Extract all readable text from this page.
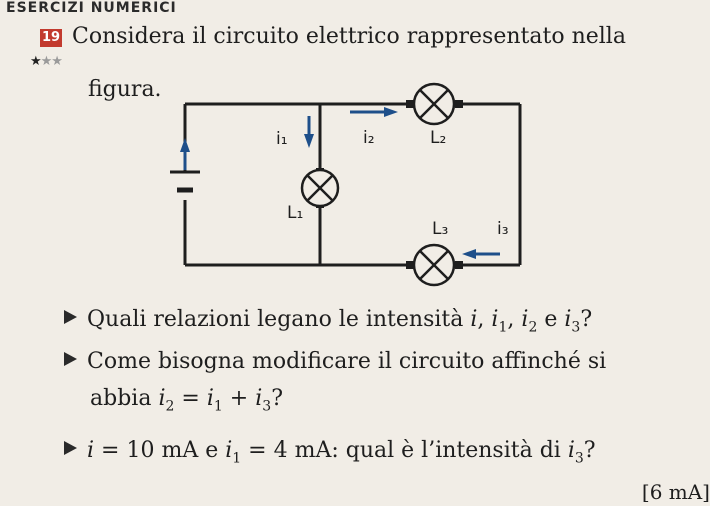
ESERCIZI NUMERICI
19
★★★
Considera il circuito elettrico rappresentato nella
figura.
i₁	i₂	L₂
L₁
L₃	i₃
Quali relazioni legano le intensità i, $i_1$, $i_2$ e $i_3$?
Come bisogna modificare il circuito affinché si
abbia $i_2 = i_1 + i_3$?
i = 10 mA e $i_1 = 4$ mA: qual è l’intensità di $i_3$?
[6 mA]
